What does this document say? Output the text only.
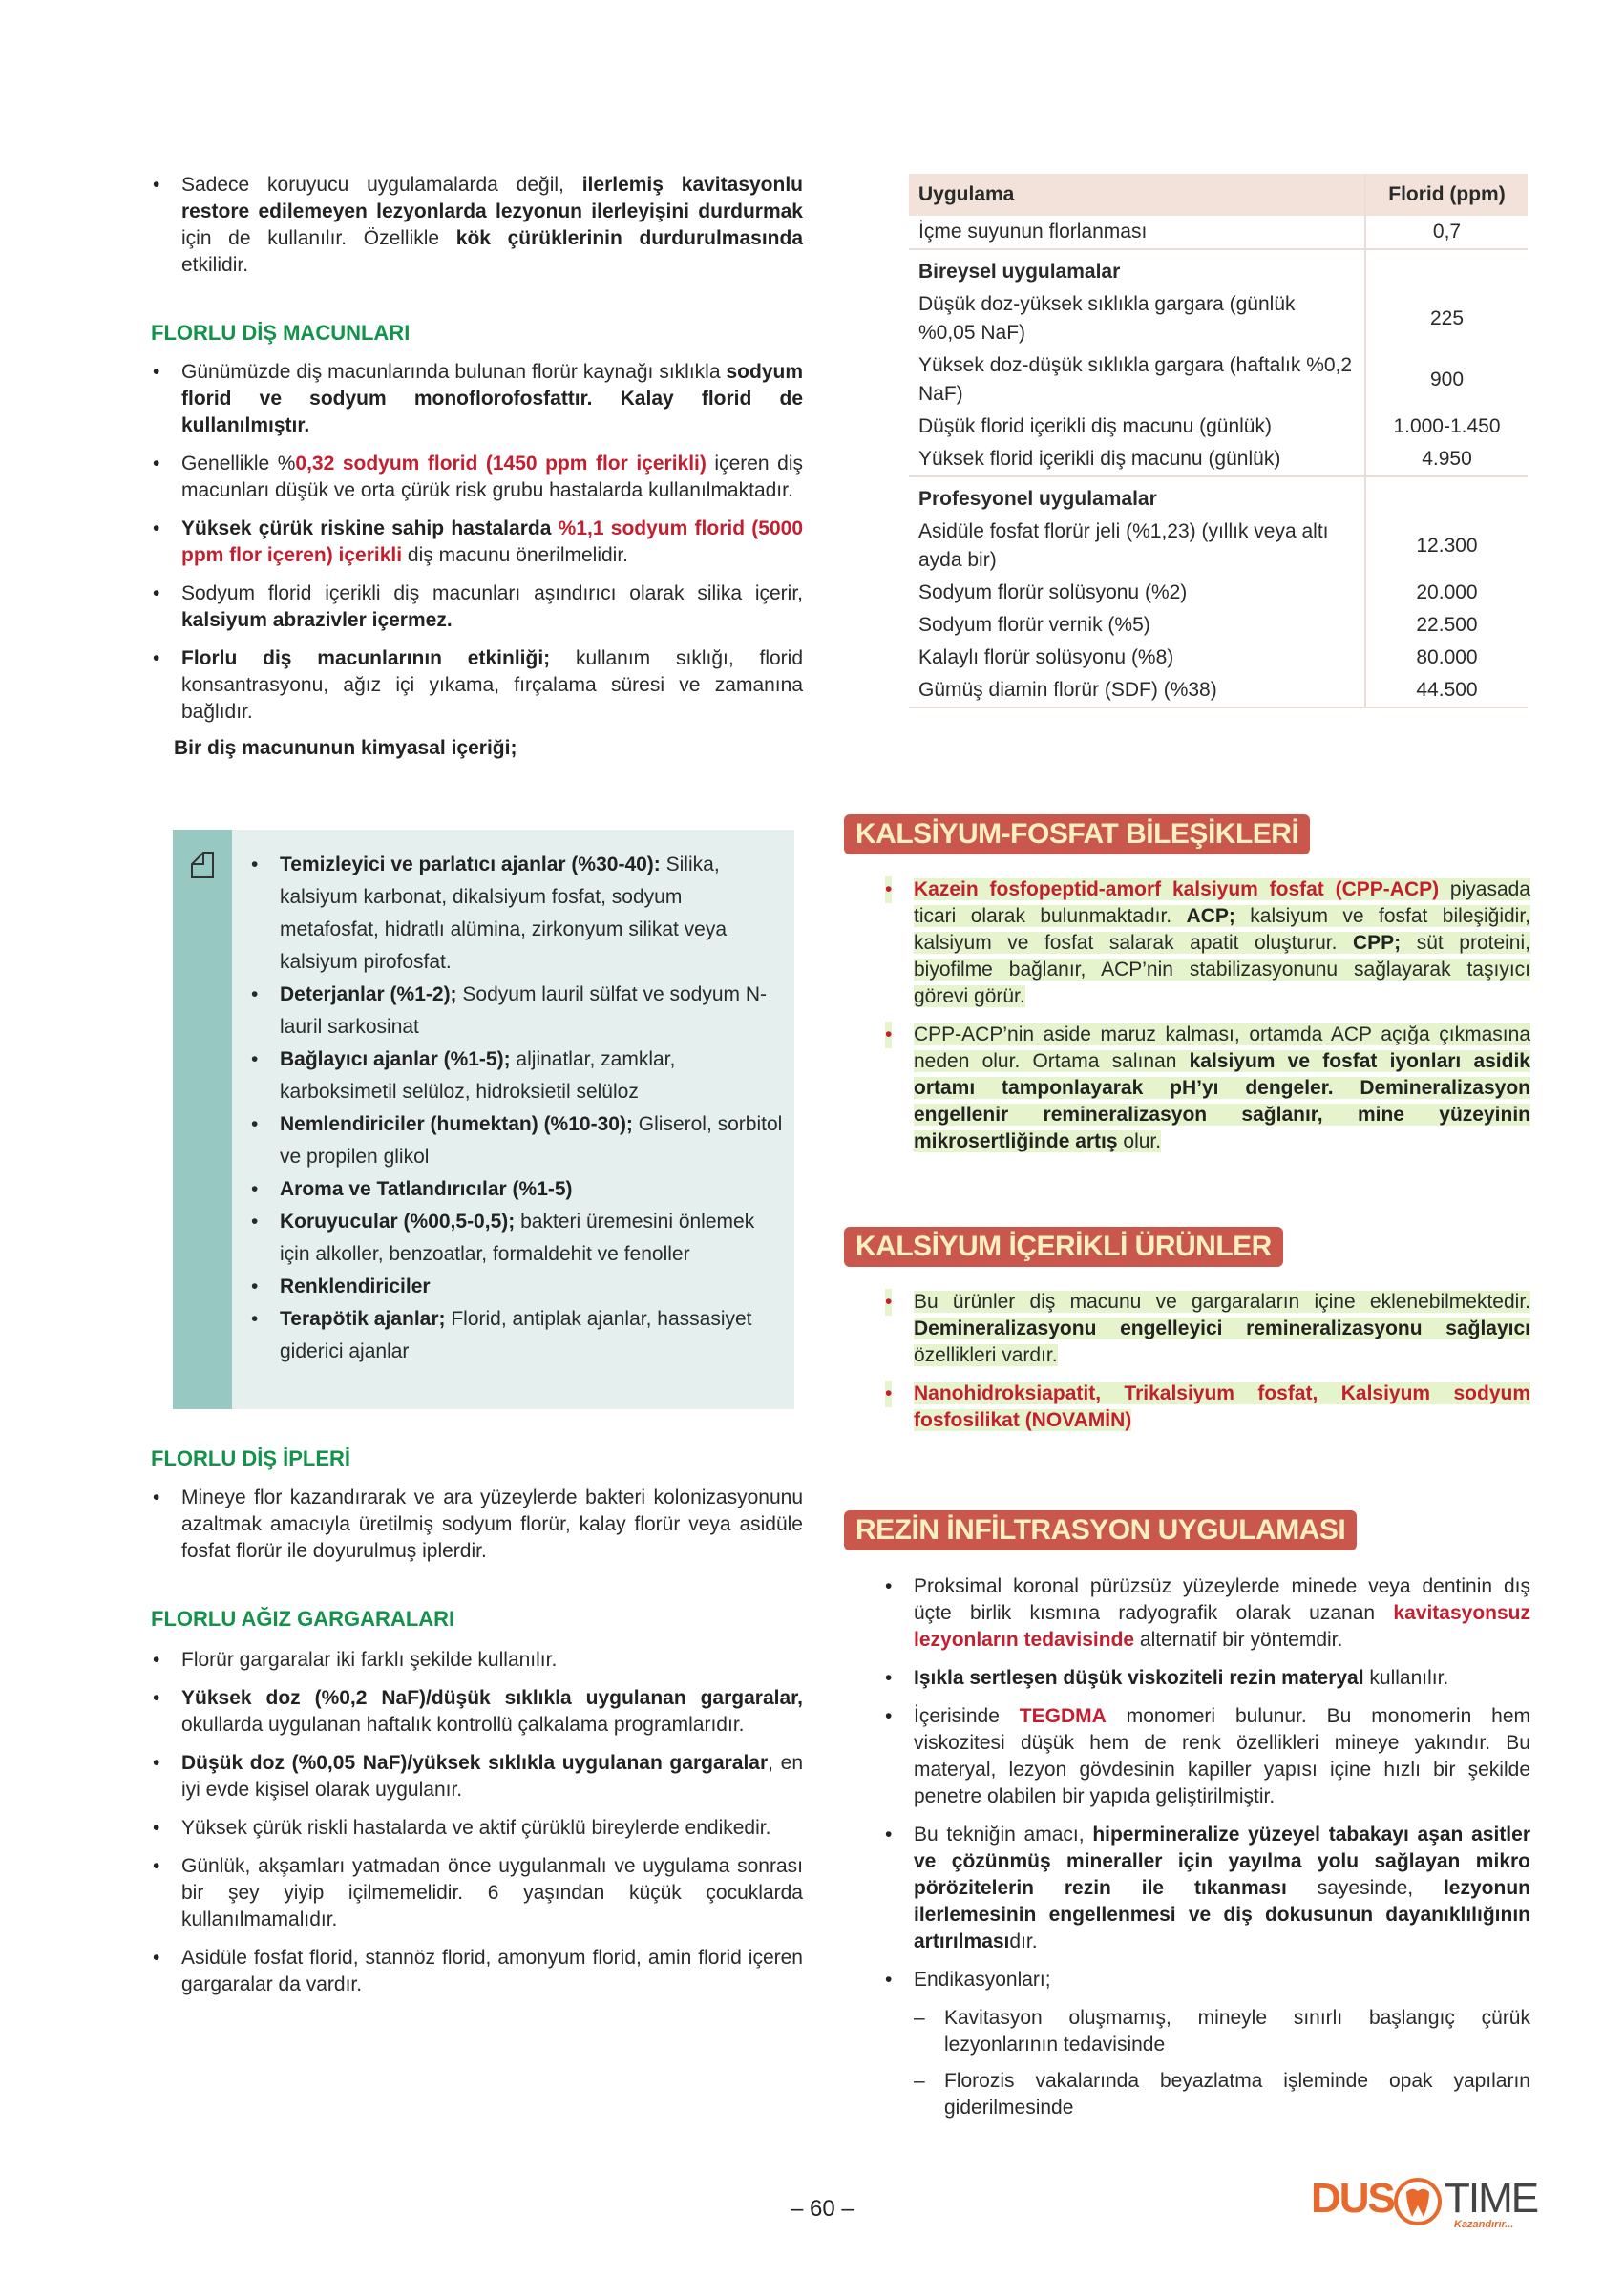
• Sadece koruyucu uygulamalarda değil, ilerlemiş kavitasyonlu restore edilemeyen lezyonlarda lezyonun ilerleyişini durdurmak için de kullanılır. Özellikle kök çürüklerinin durdurulmasında etkilidir.
FLORLU DİŞ MACUNLARI
• Günümüzde diş macunlarında bulunan florür kaynağı sıklıkla sodyum florid ve sodyum monoflorofosfattır. Kalay florid de kullanılmıştır.
• Genellikle %0,32 sodyum florid (1450 ppm flor içerikli) içeren diş macunları düşük ve orta çürük risk grubu hastalarda kullanılmaktadır.
• Yüksek çürük riskine sahip hastalarda %1,1 sodyum florid (5000 ppm flor içeren) içerikli diş macunu önerilmelidir.
• Sodyum florid içerikli diş macunları aşındırıcı olarak silika içerir, kalsiyum abrazivler içermez.
• Florlu diş macunlarının etkinliği; kullanım sıklığı, florid konsantrasyonu, ağız içi yıkama, fırçalama süresi ve zamanına bağlıdır.
Bir diş macununun kimyasal içeriği;
• Temizleyici ve parlatıcı ajanlar (%30-40): Silika, kalsiyum karbonat, dikalsiyum fosfat, sodyum metafosfat, hidratlı alümina, zirkonyum silikat veya kalsiyum pirofosfat.
• Deterjanlar (%1-2); Sodyum lauril sülfat ve sodyum N-lauril sarkosinat
• Bağlayıcı ajanlar (%1-5); aljinatlar, zamklar, karboksimetil selüloz, hidroksietil selüloz
• Nemlendiriciler (humektan) (%10-30); Gliserol, sorbitol ve propilen glikol
• Aroma ve Tatlandırıcılar (%1-5)
• Koruyucular (%00,5-0,5); bakteri üremesini önlemek için alkoller, benzoatlar, formaldehit ve fenoller
• Renklendiriciler
• Terapötik ajanlar; Florid, antiplak ajanlar, hassasiyet giderici ajanlar
FLORLU DİŞ İPLERİ
• Mineye flor kazandırarak ve ara yüzeylerde bakteri kolonizasyonunu azaltmak amacıyla üretilmiş sodyum florür, kalay florür veya asidüle fosfat florür ile doyurulmuş iplerdir.
FLORLU AĞIZ GARGARALARI
• Florür gargaralar iki farklı şekilde kullanılır.
• Yüksek doz (%0,2 NaF)/düşük sıklıkla uygulanan gargaralar, okullarda uygulanan haftalık kontrollü çalkalama programlarıdır.
• Düşük doz (%0,05 NaF)/yüksek sıklıkla uygulanan gargaralar, en iyi evde kişisel olarak uygulanır.
• Yüksek çürük riskli hastalarda ve aktif çürüklü bireylerde endikedir.
• Günlük, akşamları yatmadan önce uygulanmalı ve uygulama sonrası bir şey yiyip içilmemelidir. 6 yaşından küçük çocuklarda kullanılmamalıdır.
• Asidüle fosfat florid, stannöz florid, amonyum florid, amin florid içeren gargaralar da vardır.
Uygulama	Florid (ppm)
İçme suyunun florlanması	0,7
Bireysel uygulamalar	
Düşük doz-yüksek sıklıkla gargara (günlük %0,05 NaF)	225
Yüksek doz-düşük sıklıkla gargara (haftalık %0,2 NaF)	900
Düşük florid içerikli diş macunu (günlük)	1.000-1.450
Yüksek florid içerikli diş macunu (günlük)	4.950
Profesyonel uygulamalar	
Asidüle fosfat florür jeli (%1,23) (yıllık veya altı ayda bir)	12.300
Sodyum florür solüsyonu (%2)	20.000
Sodyum florür vernik (%5)	22.500
Kalaylı florür solüsyonu (%8)	80.000
Gümüş diamin florür (SDF) (%38)	44.500
KALSİYUM-FOSFAT BİLEŞİKLERİ
• Kazein fosfopeptid-amorf kalsiyum fosfat (CPP-ACP) piyasada ticari olarak bulunmaktadır. ACP; kalsiyum ve fosfat bileşiğidir, kalsiyum ve fosfat salarak apatit oluşturur. CPP; süt proteini, biyofilme bağlanır, ACP’nin stabilizasyonunu sağlayarak taşıyıcı görevi görür.
• CPP-ACP’nin aside maruz kalması, ortamda ACP açığa çıkmasına neden olur. Ortama salınan kalsiyum ve fosfat iyonları asidik ortamı tamponlayarak pH’yı dengeler. Demineralizasyon engellenir remineralizasyon sağlanır, mine yüzeyinin mikrosertliğinde artış olur.
KALSİYUM İÇERİKLİ ÜRÜNLER
• Bu ürünler diş macunu ve gargaraların içine eklenebilmektedir. Demineralizasyonu engelleyici remineralizasyonu sağlayıcı özellikleri vardır.
• Nanohidroksiapatit, Trikalsiyum fosfat, Kalsiyum sodyum fosfosilikat (NOVAMİN)
REZİN İNFİLTRASYON UYGULAMASI
• Proksimal koronal pürüzsüz yüzeylerde minede veya dentinin dış üçte birlik kısmına radyografik olarak uzanan kavitasyonsuz lezyonların tedavisinde alternatif bir yöntemdir.
• Işıkla sertleşen düşük viskoziteli rezin materyal kullanılır.
• İçerisinde TEGDMA monomeri bulunur. Bu monomerin hem viskozitesi düşük hem de renk özellikleri mineye yakındır. Bu materyal, lezyon gövdesinin kapiller yapısı içine hızlı bir şekilde penetre olabilen bir yapıda geliştirilmiştir.
• Bu tekniğin amacı, hipermineralize yüzeyel tabakayı aşan asitler ve çözünmüş mineraller için yayılma yolu sağlayan mikro pörözitelerin rezin ile tıkanması sayesinde, lezyonun ilerlemesinin engellenmesi ve diş dokusunun dayanıklılığının artırılmasıdır.
• Endikasyonları;
– Kavitasyon oluşmamış, mineyle sınırlı başlangıç çürük lezyonlarının tedavisinde
– Florozis vakalarında beyazlatma işleminde opak yapıların giderilmesinde
– 60 –	DUS TIME
Kazandırır...
